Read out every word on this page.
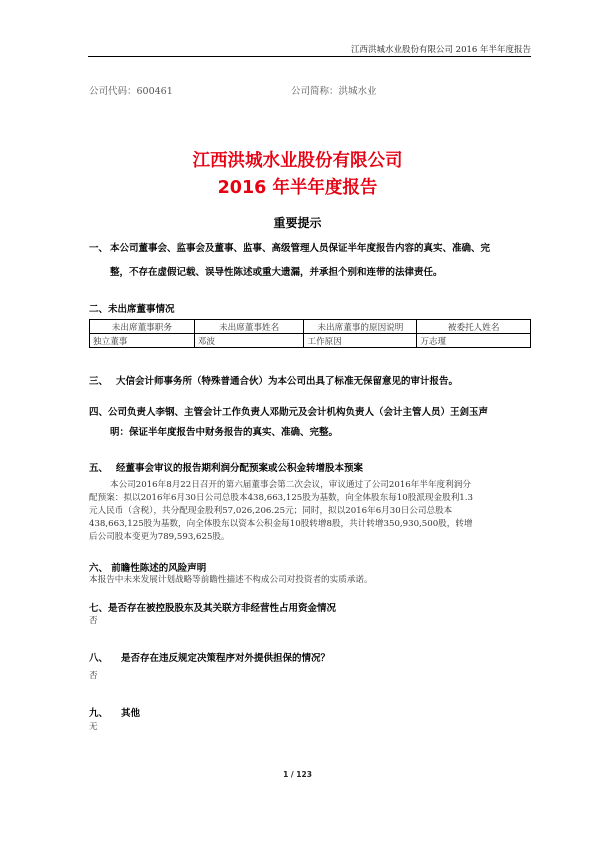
江西洪城水业股份有限公司 2016 年半年度报告
公司代码：600461	公司简称：洪城水业
江西洪城水业股份有限公司
2016 年半年度报告
重要提示
一、 本公司董事会、监事会及董事、监事、高级管理人员保证半年度报告内容的真实、准确、完
整，不存在虚假记载、误导性陈述或重大遗漏，并承担个别和连带的法律责任。
二、未出席董事情况
未出席董事职务	未出席董事姓名	未出席董事的原因说明	被委托人姓名
独立董事	邓波	工作原因	万志瑾
三、 大信会计师事务所（特殊普通合伙）为本公司出具了标准无保留意见的审计报告。
四、公司负责人李钢、主管会计工作负责人邓勋元及会计机构负责人（会计主管人员）王剑玉声
明：保证半年度报告中财务报告的真实、准确、完整。
五、 经董事会审议的报告期利润分配预案或公积金转增股本预案
本公司2016年8月22日召开的第六届董事会第二次会议，审议通过了公司2016年半年度利润分
配预案：拟以2016年6月30日公司总股本438,663,125股为基数，向全体股东每10股派现金股利1.3
元人民币（含税），共分配现金股利57,026,206.25元；同时，拟以2016年6月30日公司总股本
438,663,125股为基数，向全体股东以资本公积金每10股转增8股，共计转增350,930,500股，转增
后公司股本变更为789,593,625股。
六、 前瞻性陈述的风险声明
本报告中未来发展计划战略等前瞻性描述不构成公司对投资者的实质承诺。
七、是否存在被控股股东及其关联方非经营性占用资金情况
否
八、 是否存在违反规定决策程序对外提供担保的情况？
否
九、 其他
无
1 / 123
